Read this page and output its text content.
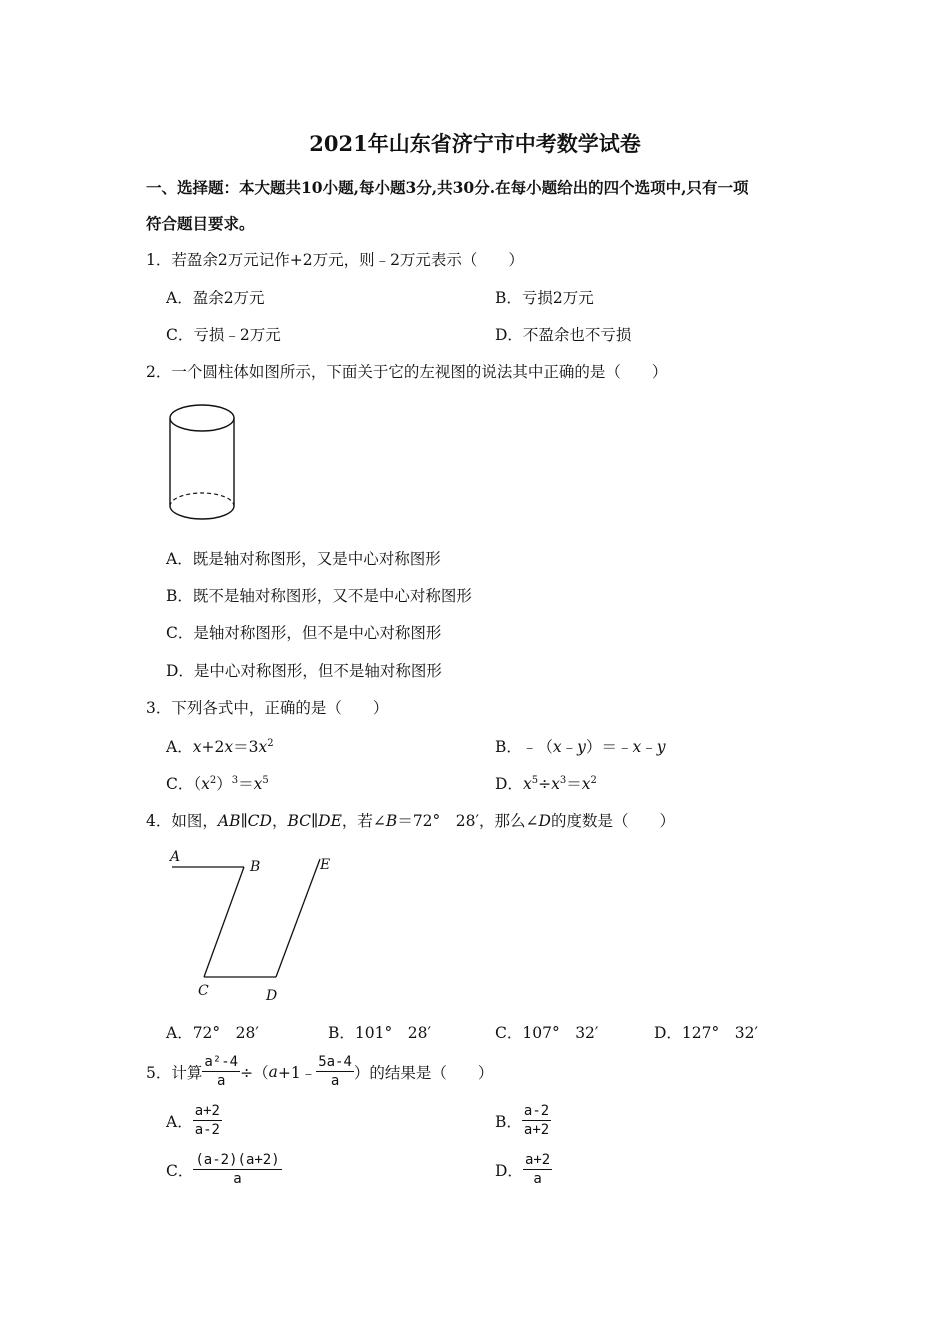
2021年山东省济宁市中考数学试卷
一、选择题：本大题共10小题,每小题3分,共30分.在每小题给出的四个选项中,只有一项
符合题目要求。
1．若盈余2万元记作+2万元，则﹣2万元表示（　　）
A．盈余2万元	B．亏损2万元
C．亏损﹣2万元	D．不盈余也不亏损
2．一个圆柱体如图所示，下面关于它的左视图的说法其中正确的是（　　）
A．既是轴对称图形，又是中心对称图形
B．既不是轴对称图形，又不是中心对称图形
C．是轴对称图形，但不是中心对称图形
D．是中心对称图形，但不是轴对称图形
3．下列各式中，正确的是（　　）
A．$x+2x=3x^2$	B．﹣（x﹣y）＝﹣x﹣y
C．$(x^2)^3=x^5$	D．$x^5\div x^3=x^2$
4．如图，AB∥CD，BC∥DE，若∠B＝72°　28′，那么∠D的度数是（　　）
A
B
C	D
E
A．72°　28′	B．101°　28′	C．107°　32′	D．127°　32′
5．计算 $\frac{\text{a²-4}}{a}$ ÷（ a +1﹣ $\frac{5a-4}{a}$ ）的结果是（　　）
A． $\frac{a+2}{a-2}$	B． $\frac{a-2}{a+2}$
C． $\frac{(a-2)(a+2)}{a}$	D． $\frac{a+2}{a}$
